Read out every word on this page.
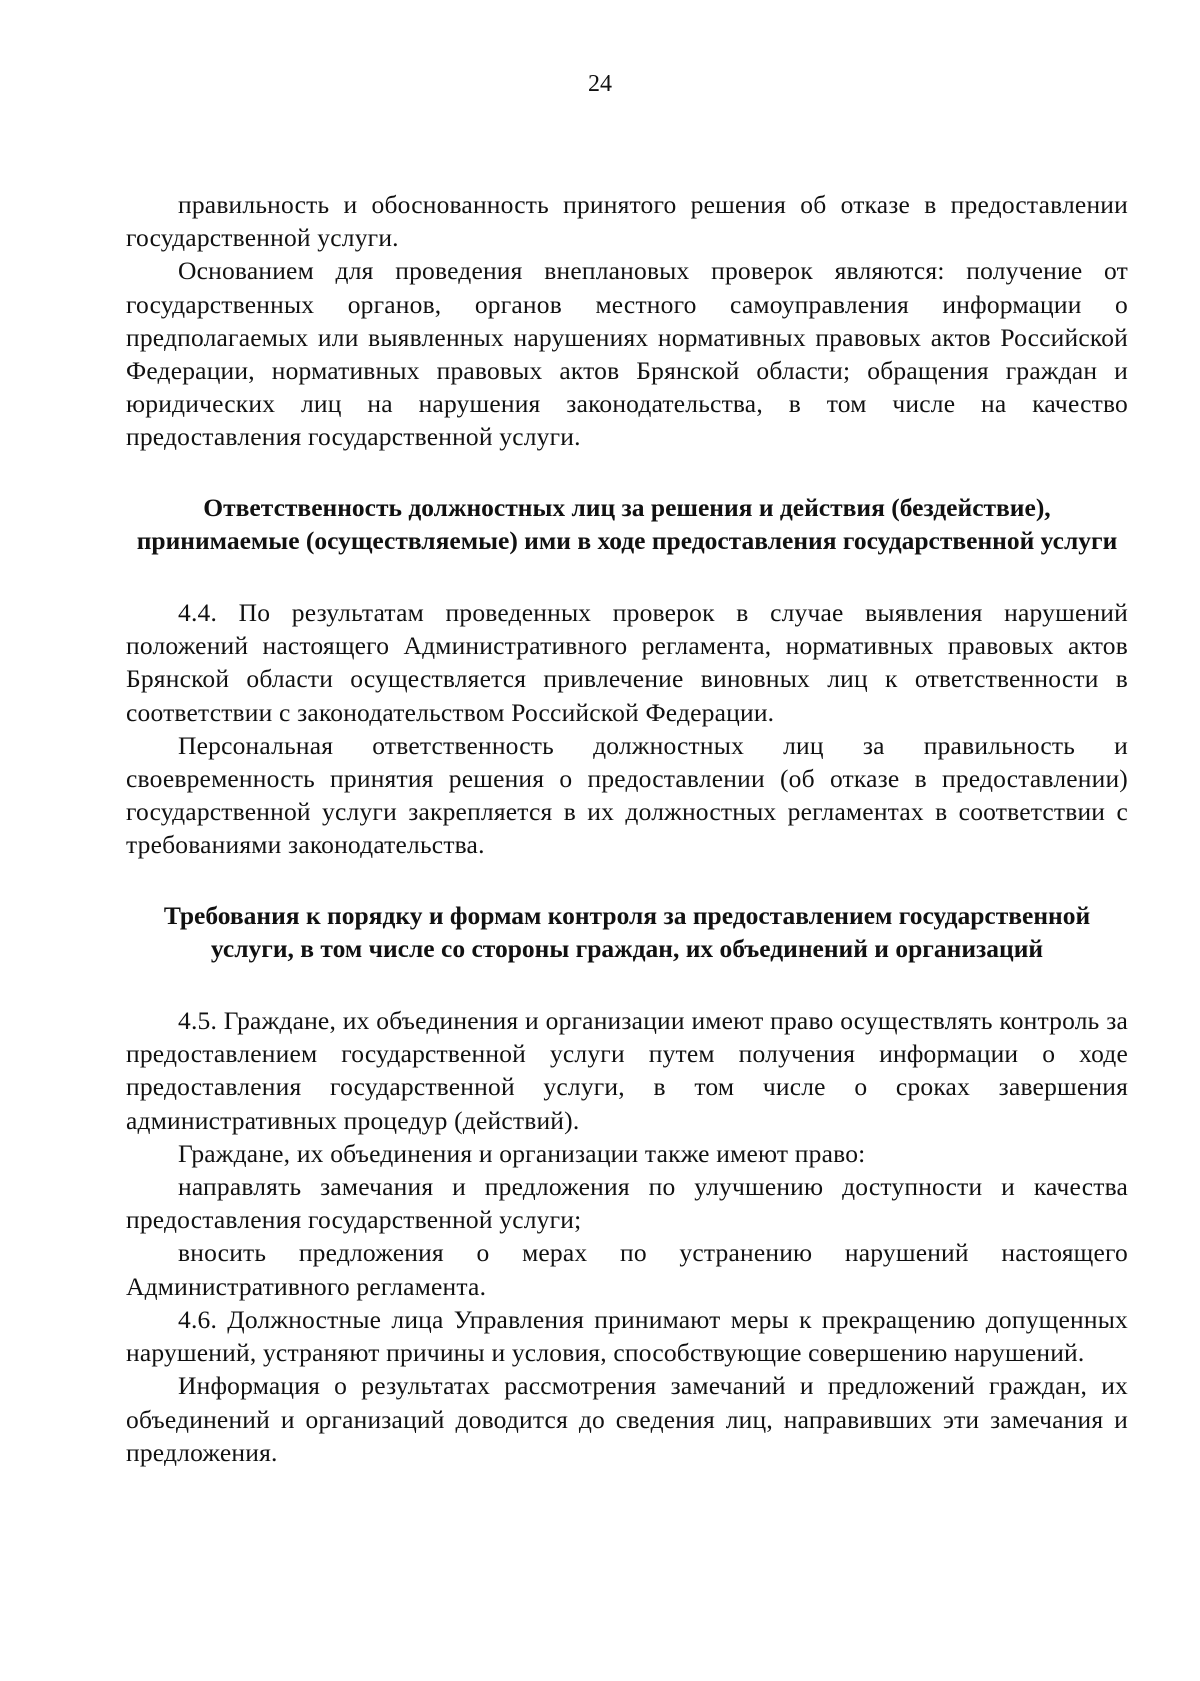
24

правильность и обоснованность принятого решения об отказе в предоставлении государственной услуги.

Основанием для проведения внеплановых проверок являются: получение от государственных органов, органов местного самоуправления информации о предполагаемых или выявленных нарушениях нормативных правовых актов Российской Федерации, нормативных правовых актов Брянской области; обращения граждан и юридических лиц на нарушения законодательства, в том числе на качество предоставления государственной услуги.

Ответственность должностных лиц за решения и действия (бездействие), принимаемые (осуществляемые) ими в ходе предоставления государственной услуги

4.4. По результатам проведенных проверок в случае выявления нарушений положений настоящего Административного регламента, нормативных правовых актов Брянской области осуществляется привлечение виновных лиц к ответственности в соответствии с законодательством Российской Федерации.

Персональная ответственность должностных лиц за правильность и своевременность принятия решения о предоставлении (об отказе в предоставлении) государственной услуги закрепляется в их должностных регламентах в соответствии с требованиями законодательства.

Требования к порядку и формам контроля за предоставлением государственной услуги, в том числе со стороны граждан, их объединений и организаций

4.5. Граждане, их объединения и организации имеют право осуществлять контроль за предоставлением государственной услуги путем получения информации о ходе предоставления государственной услуги, в том числе о сроках завершения административных процедур (действий).

Граждане, их объединения и организации также имеют право:

направлять замечания и предложения по улучшению доступности и качества предоставления государственной услуги;

вносить предложения о мерах по устранению нарушений настоящего Административного регламента.

4.6. Должностные лица Управления принимают меры к прекращению допущенных нарушений, устраняют причины и условия, способствующие совершению нарушений.

Информация о результатах рассмотрения замечаний и предложений граждан, их объединений и организаций доводится до сведения лиц, направивших эти замечания и предложения.
